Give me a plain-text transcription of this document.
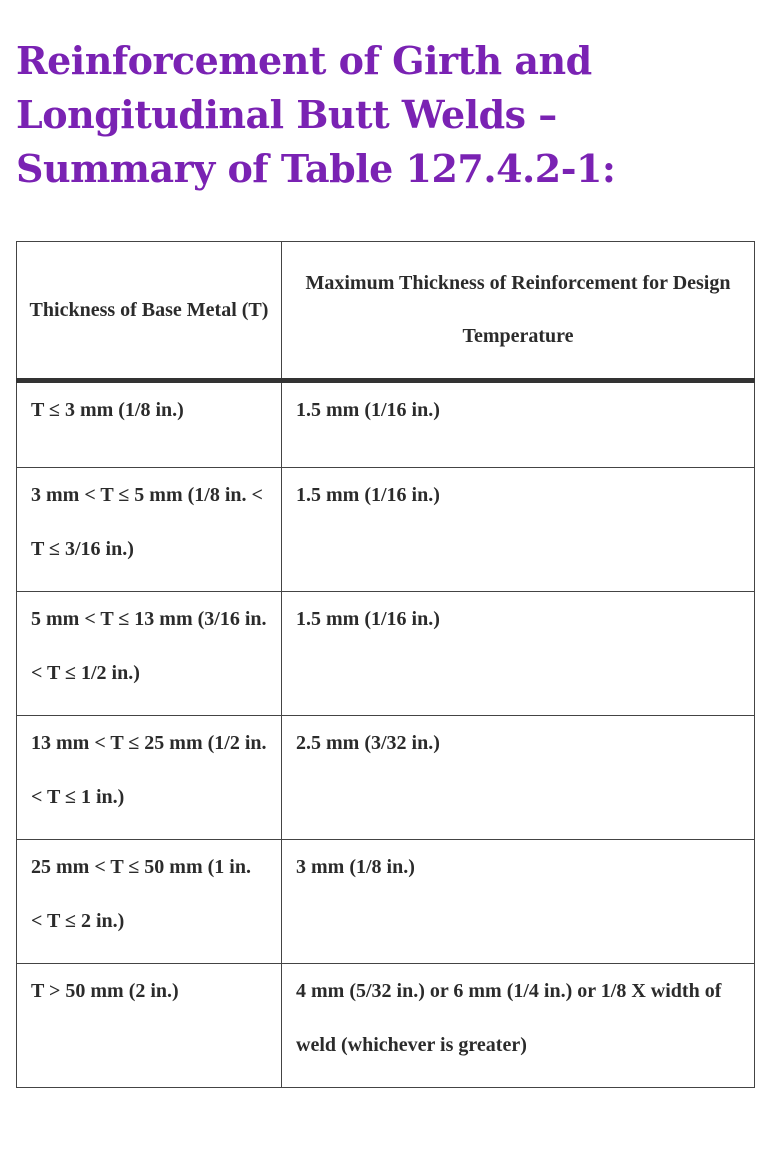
Reinforcement of Girth and Longitudinal Butt Welds – Summary of Table 127.4.2-1:
Thickness of Base Metal (T)	Maximum Thickness of Reinforcement for Design Temperature
T ≤ 3 mm (1/8 in.)	1.5 mm (1/16 in.)
3 mm < T ≤ 5 mm (1/8 in. < T ≤ 3/16 in.)	1.5 mm (1/16 in.)
5 mm < T ≤ 13 mm (3/16 in. < T ≤ 1/2 in.)	1.5 mm (1/16 in.)
13 mm < T ≤ 25 mm (1/2 in. < T ≤ 1 in.)	2.5 mm (3/32 in.)
25 mm < T ≤ 50 mm (1 in. < T ≤ 2 in.)	3 mm (1/8 in.)
T > 50 mm (2 in.)	4 mm (5/32 in.) or 6 mm (1/4 in.) or 1/8 X width of weld (whichever is greater)
